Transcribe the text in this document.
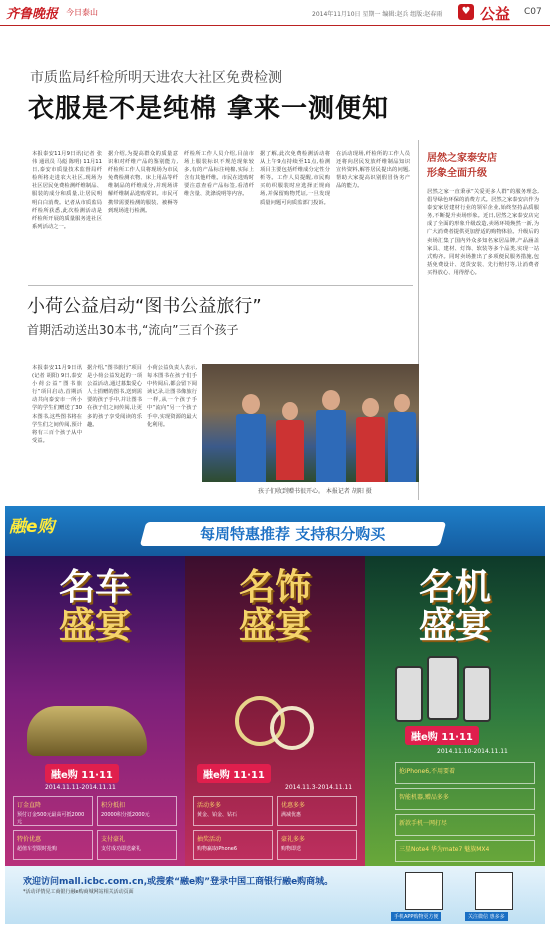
齐鲁晚报 今日泰山	2014年11月10日 星期一 编辑:赵兵 组版:赵春雨	♥ 公益 C07
市质监局纤检所明天进农大社区免费检测
衣服是不是纯棉 拿来一测便知
本报泰安11月9日讯(记者 张伟 通讯员 马彪 陈明) 11月11日,泰安市质量技术监督局纤检所将走进农大社区,现场为社区居民免费检测纤维制品、服装的成分和质量,让居民明明白白消费。记者从市质监局纤检所获悉,此次检测活动是纤检所开展的质量服务进社区系列活动之一。
据介绍,为提高群众的质量意识和对纤维产品的鉴别能力,纤检所工作人员将现场为市民免费检测衣物、床上用品等纤维制品的纤维成分,并现场讲解纤维制品选购常识。市民可携带需要检测的服装、被褥等到现场进行检测。
纤检所工作人员介绍,目前市场上服装标识不规范现象较多,有的产品标注纯棉,实际上含有其他纤维。市民在选购时要注意查看产品标签,看清纤维含量、洗涤说明等内容。
据了解,此次免费检测活动将从上午9点持续至11点,检测项目主要包括纤维成分定性分析等。工作人员提醒,市民购买纺织服装时应选择正规商场,并保留购物凭证,一旦发现质量问题可向质监部门投诉。
在活动现场,纤检所的工作人员还将向居民发放纤维制品知识宣传资料,解答居民提出的问题,帮助大家提高识别假冒伪劣产品的能力。
居然之家泰安店
形象全面升级
居然之家一直秉承“关爱更多人群”的服务理念,倡导绿色环保的消费方式。居然之家泰安店作为泰安家居建材行业的领军企业,始终坚持品质服务,不断提升卖场形象。近日,居然之家泰安店完成了全面的形象升级改造,卖场环境焕然一新,为广大消费者提供更加舒适的购物体验。升级后的卖场汇集了国内外众多知名家居品牌,产品涵盖家具、建材、灯饰、软装等多个品类,实现一站式购齐。同时卖场推出了多项便民服务措施,包括免费设计、送货安装、先行赔付等,让消费者买得放心、用得舒心。
小荷公益启动“图书公益旅行”
首期活动送出30本书,“流向”三百个孩子
本报泰安11月9日讯(记者 胡阳) 9日,泰安小荷公益“图书旅行”项目启动,首期活动共向泰安市一所小学的学生们赠送了30本图书,这些图书将在学生们之间传阅,预计将有三百个孩子从中受益。
据介绍,“图书旅行”项目是小荷公益发起的一项公益活动,通过募集爱心人士捐赠的图书,送到需要的孩子手中,并让图书在孩子们之间传阅,让更多的孩子享受阅读的乐趣。
小荷公益负责人表示,每本图书在孩子们手中传阅后,都会留下阅读记录,让图书像旅行一样,从一个孩子手中“流向”另一个孩子手中,实现资源的最大化利用。
孩子们收到赠书很开心。 本报记者 胡阳 摄
融e购	每周特惠推荐 支持积分购买
名车
盛宴
融e购 11·11
2014.11.11-2014.11.11
订金直降
预付订金500元最高可抵2000元
积分抵扣
20000积分抵2000元
特价优惠
超值车型限时抢购
支付豪礼
支付成功即送豪礼
名饰
盛宴
融e购 11·11
2014.11.3-2014.11.11
活动多多
黄金、铂金、钻石
优惠多多
满减优惠
抽奖活动
购物赢取iPhone6
豪礼多多
购物即送
名机
盛宴
融e购 11·11
2014.11.10-2014.11.11
抢iPhone6,不用要着
智能机器,赠品多多
新款手机一网打尽
三星Note4 华为mate7 魅族MX4
欢迎访问mall.icbc.com.cn,或搜索“融e购”登录中国工商银行融e购商城。
*活动详情见工商银行融e购商城网站相关活动页面
手机APP购物更方便	关注微信 惠多多
